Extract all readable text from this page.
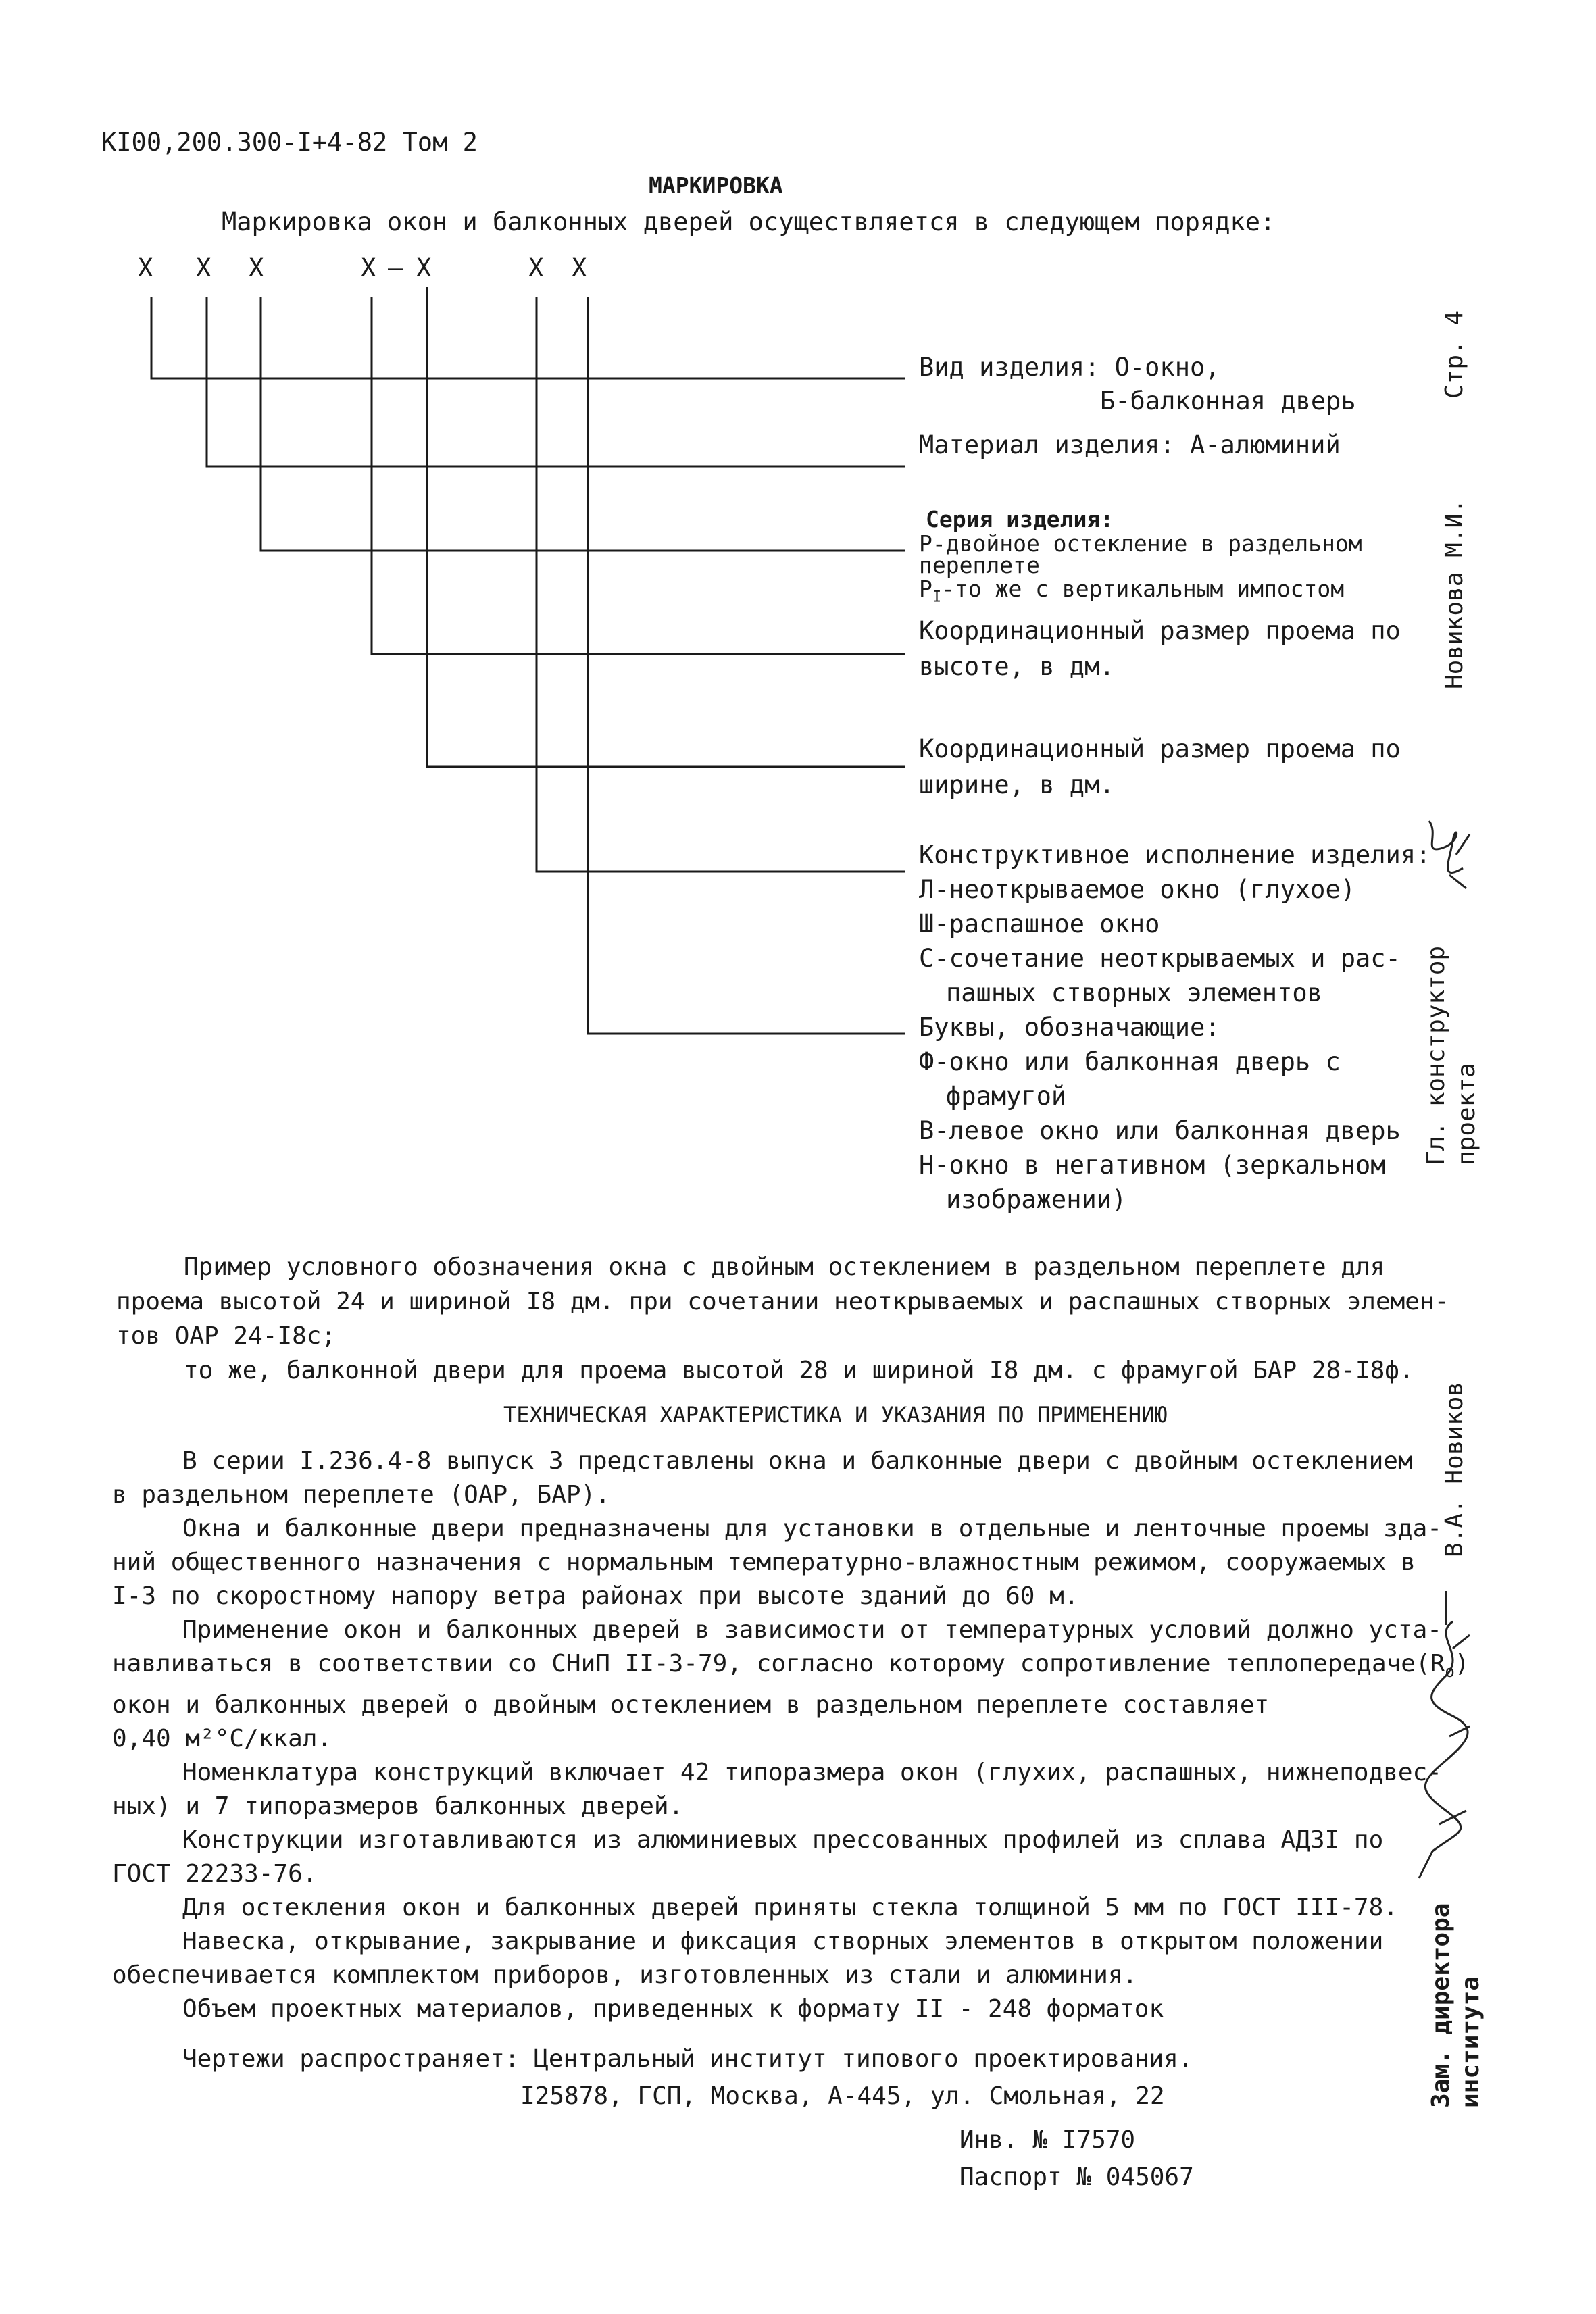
КI00,200.300-I+4-82 Том 2
МАРКИРОВКА
Маркировка окон и балконных дверей осуществляется в следующем порядке:
X X X	X – X	X X
Вид изделия: О-окно,
Б-балконная дверь
Материал изделия: А-алюминий
Серия изделия:
Р-двойное остекление в раздельном
переплете
$Р_I-то$ же с вертикальным импостом
Координационный размер проема по
высоте, в дм.
Координационный размер проема по
ширине, в дм.
Конструктивное исполнение изделия:
Л-неоткрываемое окно (глухое)
Ш-распашное окно
С-сочетание неоткрываемых и рас-
пашных створных элементов
Буквы, обозначающие:
Ф-окно или балконная дверь с
фрамугой
В-левое окно или балконная дверь
Н-окно в негативном (зеркальном
изображении)
Пример условного обозначения окна с двойным остеклением в раздельном переплете для
проема высотой 24 и шириной I8 дм. при сочетании неоткрываемых и распашных створных элемен-
тов ОАР 24-I8с;
то же, балконной двери для проема высотой 28 и шириной I8 дм. с фрамугой БАР 28-I8ф.
ТЕХНИЧЕСКАЯ ХАРАКТЕРИСТИКА И УКАЗАНИЯ ПО ПРИМЕНЕНИЮ
В серии I.236.4-8 выпуск 3 представлены окна и балконные двери с двойным остеклением
в раздельном переплете (ОАР, БАР).
Окна и балконные двери предназначены для установки в отдельные и ленточные проемы зда-
ний общественного назначения с нормальным температурно-влажностным режимом, сооружаемых в
I-3 по скоростному напору ветра районах при высоте зданий до 60 м.
Применение окон и балконных дверей в зависимости от температурных условий должно уста-
навливаться в соответствии со СНиП II-3-79, согласно которому сопротивление $теплопередаче(R_o)$
окон и балконных дверей о двойным остеклением в раздельном переплете составляет
0,40 м²°С/ккал.
Номенклатура конструкций включает 42 типоразмера окон (глухих, распашных, нижнеподвес-
ных) и 7 типоразмеров балконных дверей.
Конструкции изготавливаются из алюминиевых прессованных профилей из сплава АДЗI по
ГОСТ 22233-76.
Для остекления окон и балконных дверей приняты стекла толщиной 5 мм по ГОСТ III-78.
Навеска, открывание, закрывание и фиксация створных элементов в открытом положении
обеспечивается комплектом приборов, изготовленных из стали и алюминия.
Объем проектных материалов, приведенных к формату II - 248 форматок
Чертежи распространяет: Центральный институт типового проектирования.
I25878, ГСП, Москва, А-445, ул. Смольная, 22
Инв. № I7570
Паспорт № 045067
Стр. 4
Новикова М.И.
Гл. конструктор проекта
В.А. Новиков
Зам. директора института
